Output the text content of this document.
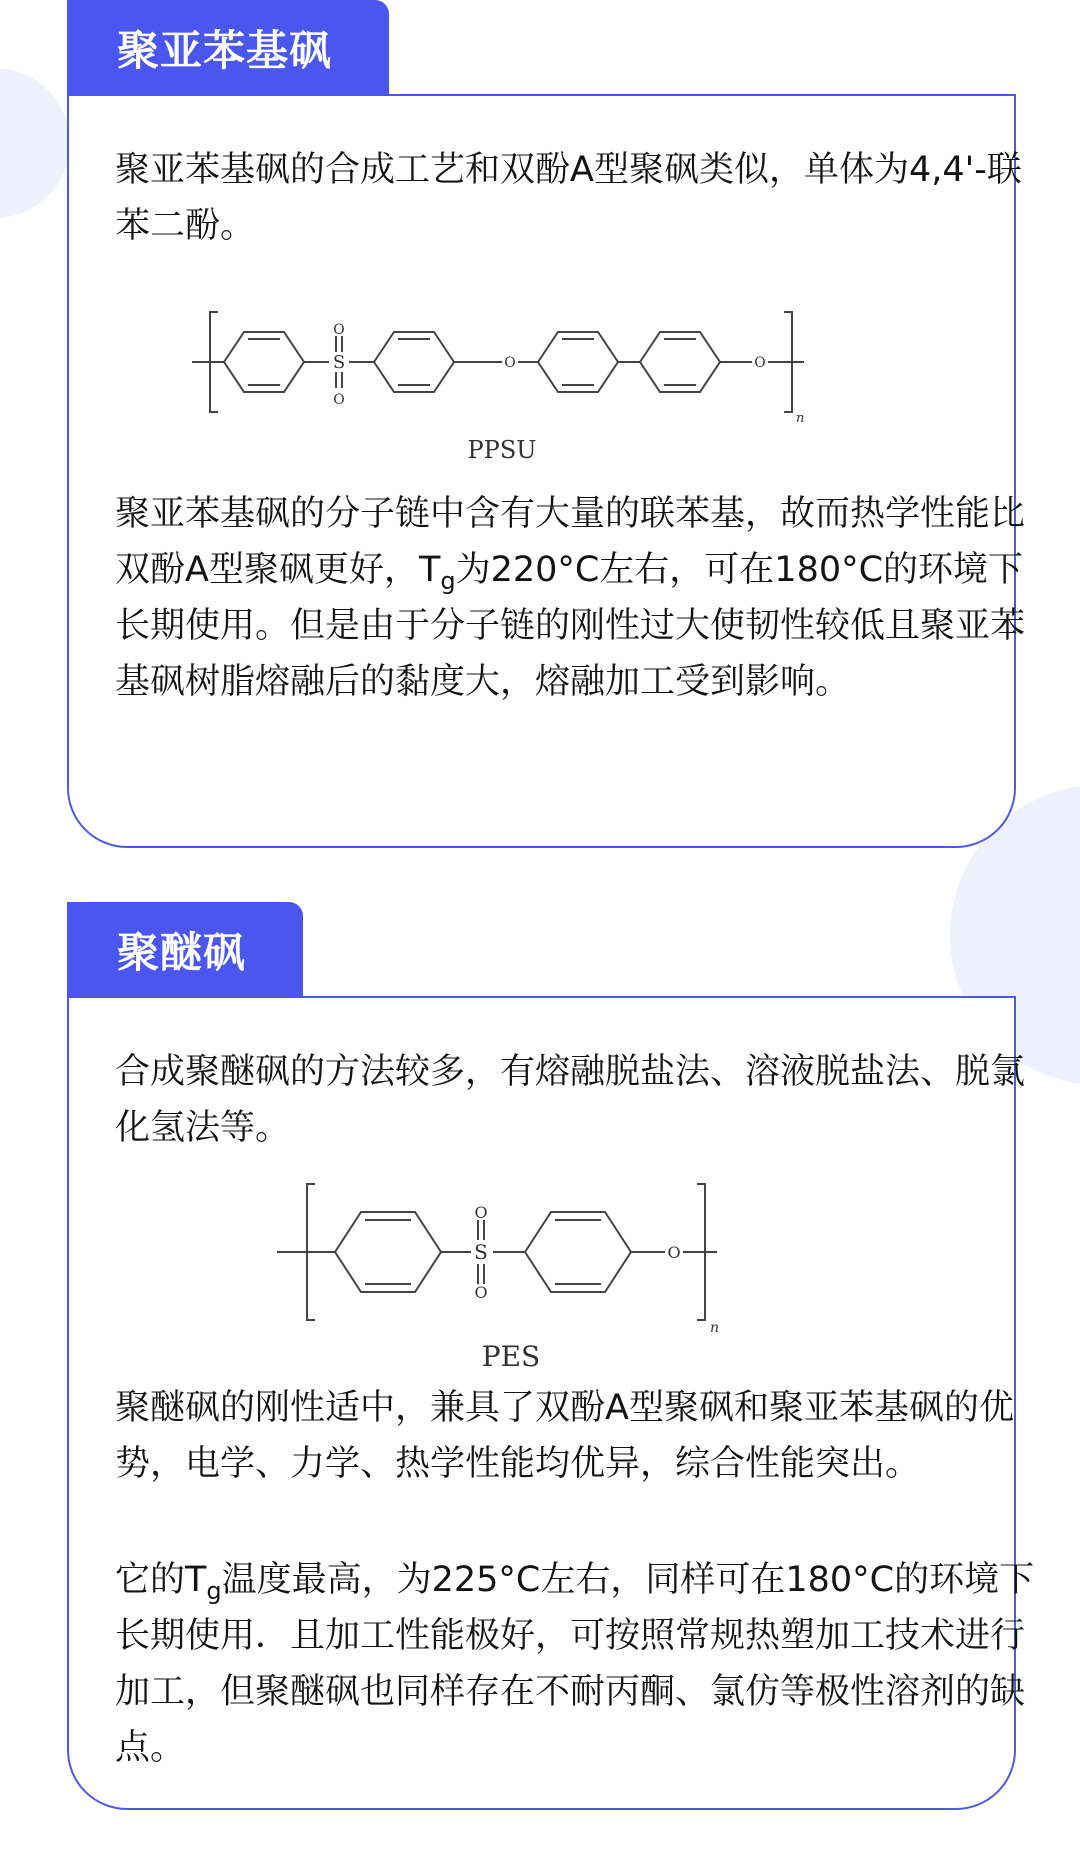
聚亚苯基砜

聚亚苯基砜的合成工艺和双酚A型聚砜类似，单体为4,4'-联苯二酚。

O
S
O
O	O
n
PPSU

聚亚苯基砜的分子链中含有大量的联苯基，故而热学性能比双酚A型聚砜更好，$T_g$为220°C左右，可在180°C的环境下长期使用。但是由于分子链的刚性过大使韧性较低且聚亚苯基砜树脂熔融后的黏度大，熔融加工受到影响。

聚醚砜

合成聚醚砜的方法较多，有熔融脱盐法、溶液脱盐法、脱氯化氢法等。

O
S
O
O
n
PES

聚醚砜的刚性适中，兼具了双酚A型聚砜和聚亚苯基砜的优势，电学、力学、热学性能均优异，综合性能突出。

它的$T_g$温度最高，为225°C左右，同样可在180°C的环境下长期使用．且加工性能极好，可按照常规热塑加工技术进行加工，但聚醚砜也同样存在不耐丙酮、氯仿等极性溶剂的缺点。
